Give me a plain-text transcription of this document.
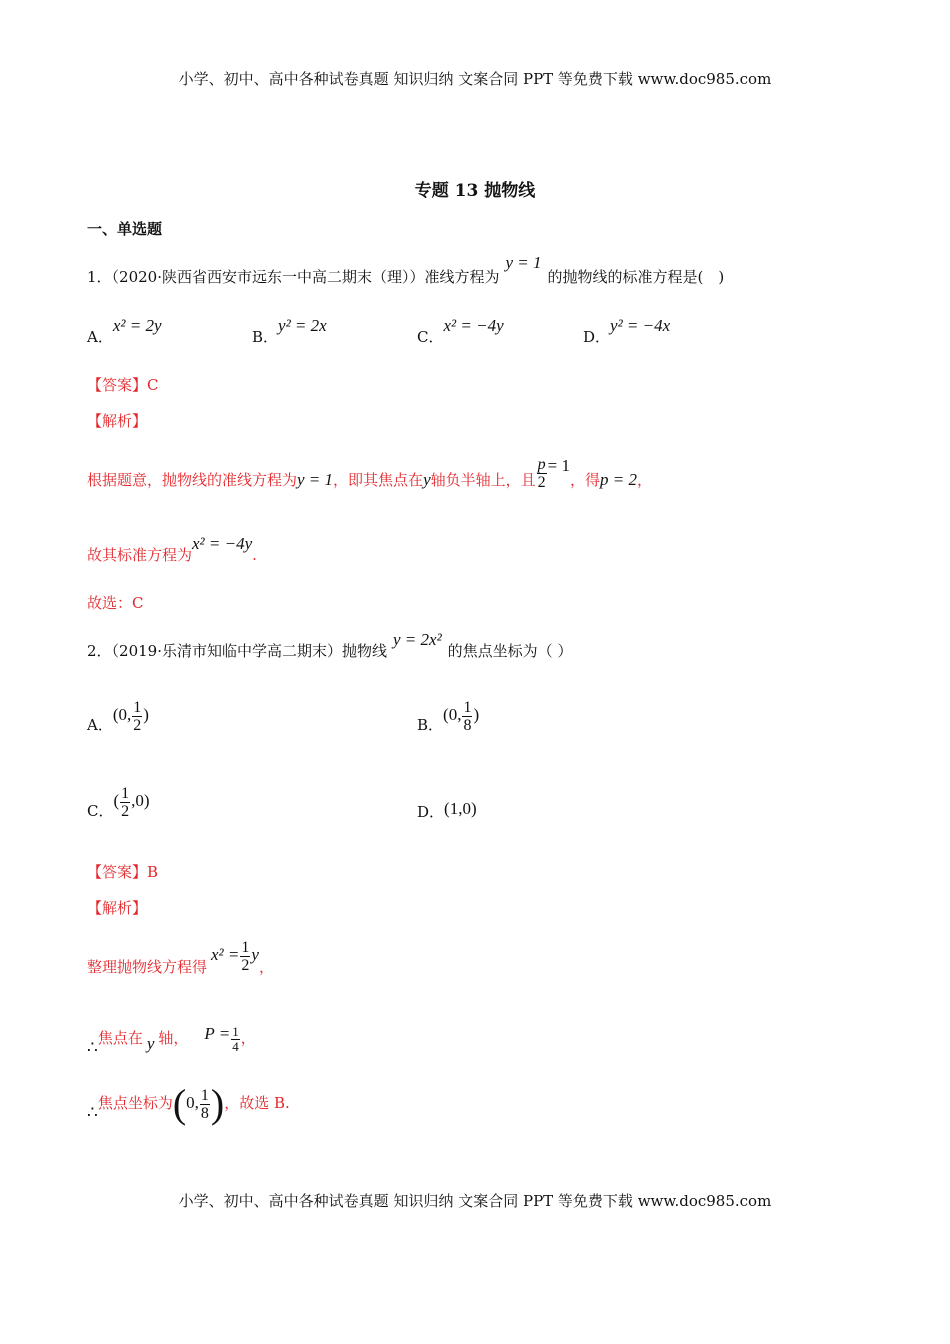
小学、初中、高中各种试卷真题 知识归纳 文案合同 PPT 等免费下载 www.doc985.com
专题 13 抛物线
一、单选题
1．（2020·陕西省西安市远东一中高二期末（理））准线方程为y = 1的抛物线的标准方程是(　)
A．x² = 2y
B．y² = 2x
C．x² = −4y
D．y² = −4x
【答案】C
【解析】
根据题意，抛物线的准线方程为y = 1，即其焦点在y轴负半轴上，且 $\frac{p}{2} = 1$，得p = 2，
故其标准方程为x² = −4y.
故选：C
2．（2019·乐清市知临中学高二期末）抛物线y = 2x²的焦点坐标为（ ）
A．(0, $\frac{1}{2}$ )
B．(0, $\frac{1}{8}$ )
C．( $\frac{1}{2} ,0$)
D．(1,0)
【答案】B
【解析】
整理抛物线方程得$x^2 = \frac{1}{2}$ y，
∴焦点在 y 轴， $P = \frac{1}{4}$ ，
∴焦点坐标为(0, $\frac{1}{8}$ )，故选 B.
小学、初中、高中各种试卷真题 知识归纳 文案合同 PPT 等免费下载 www.doc985.com
